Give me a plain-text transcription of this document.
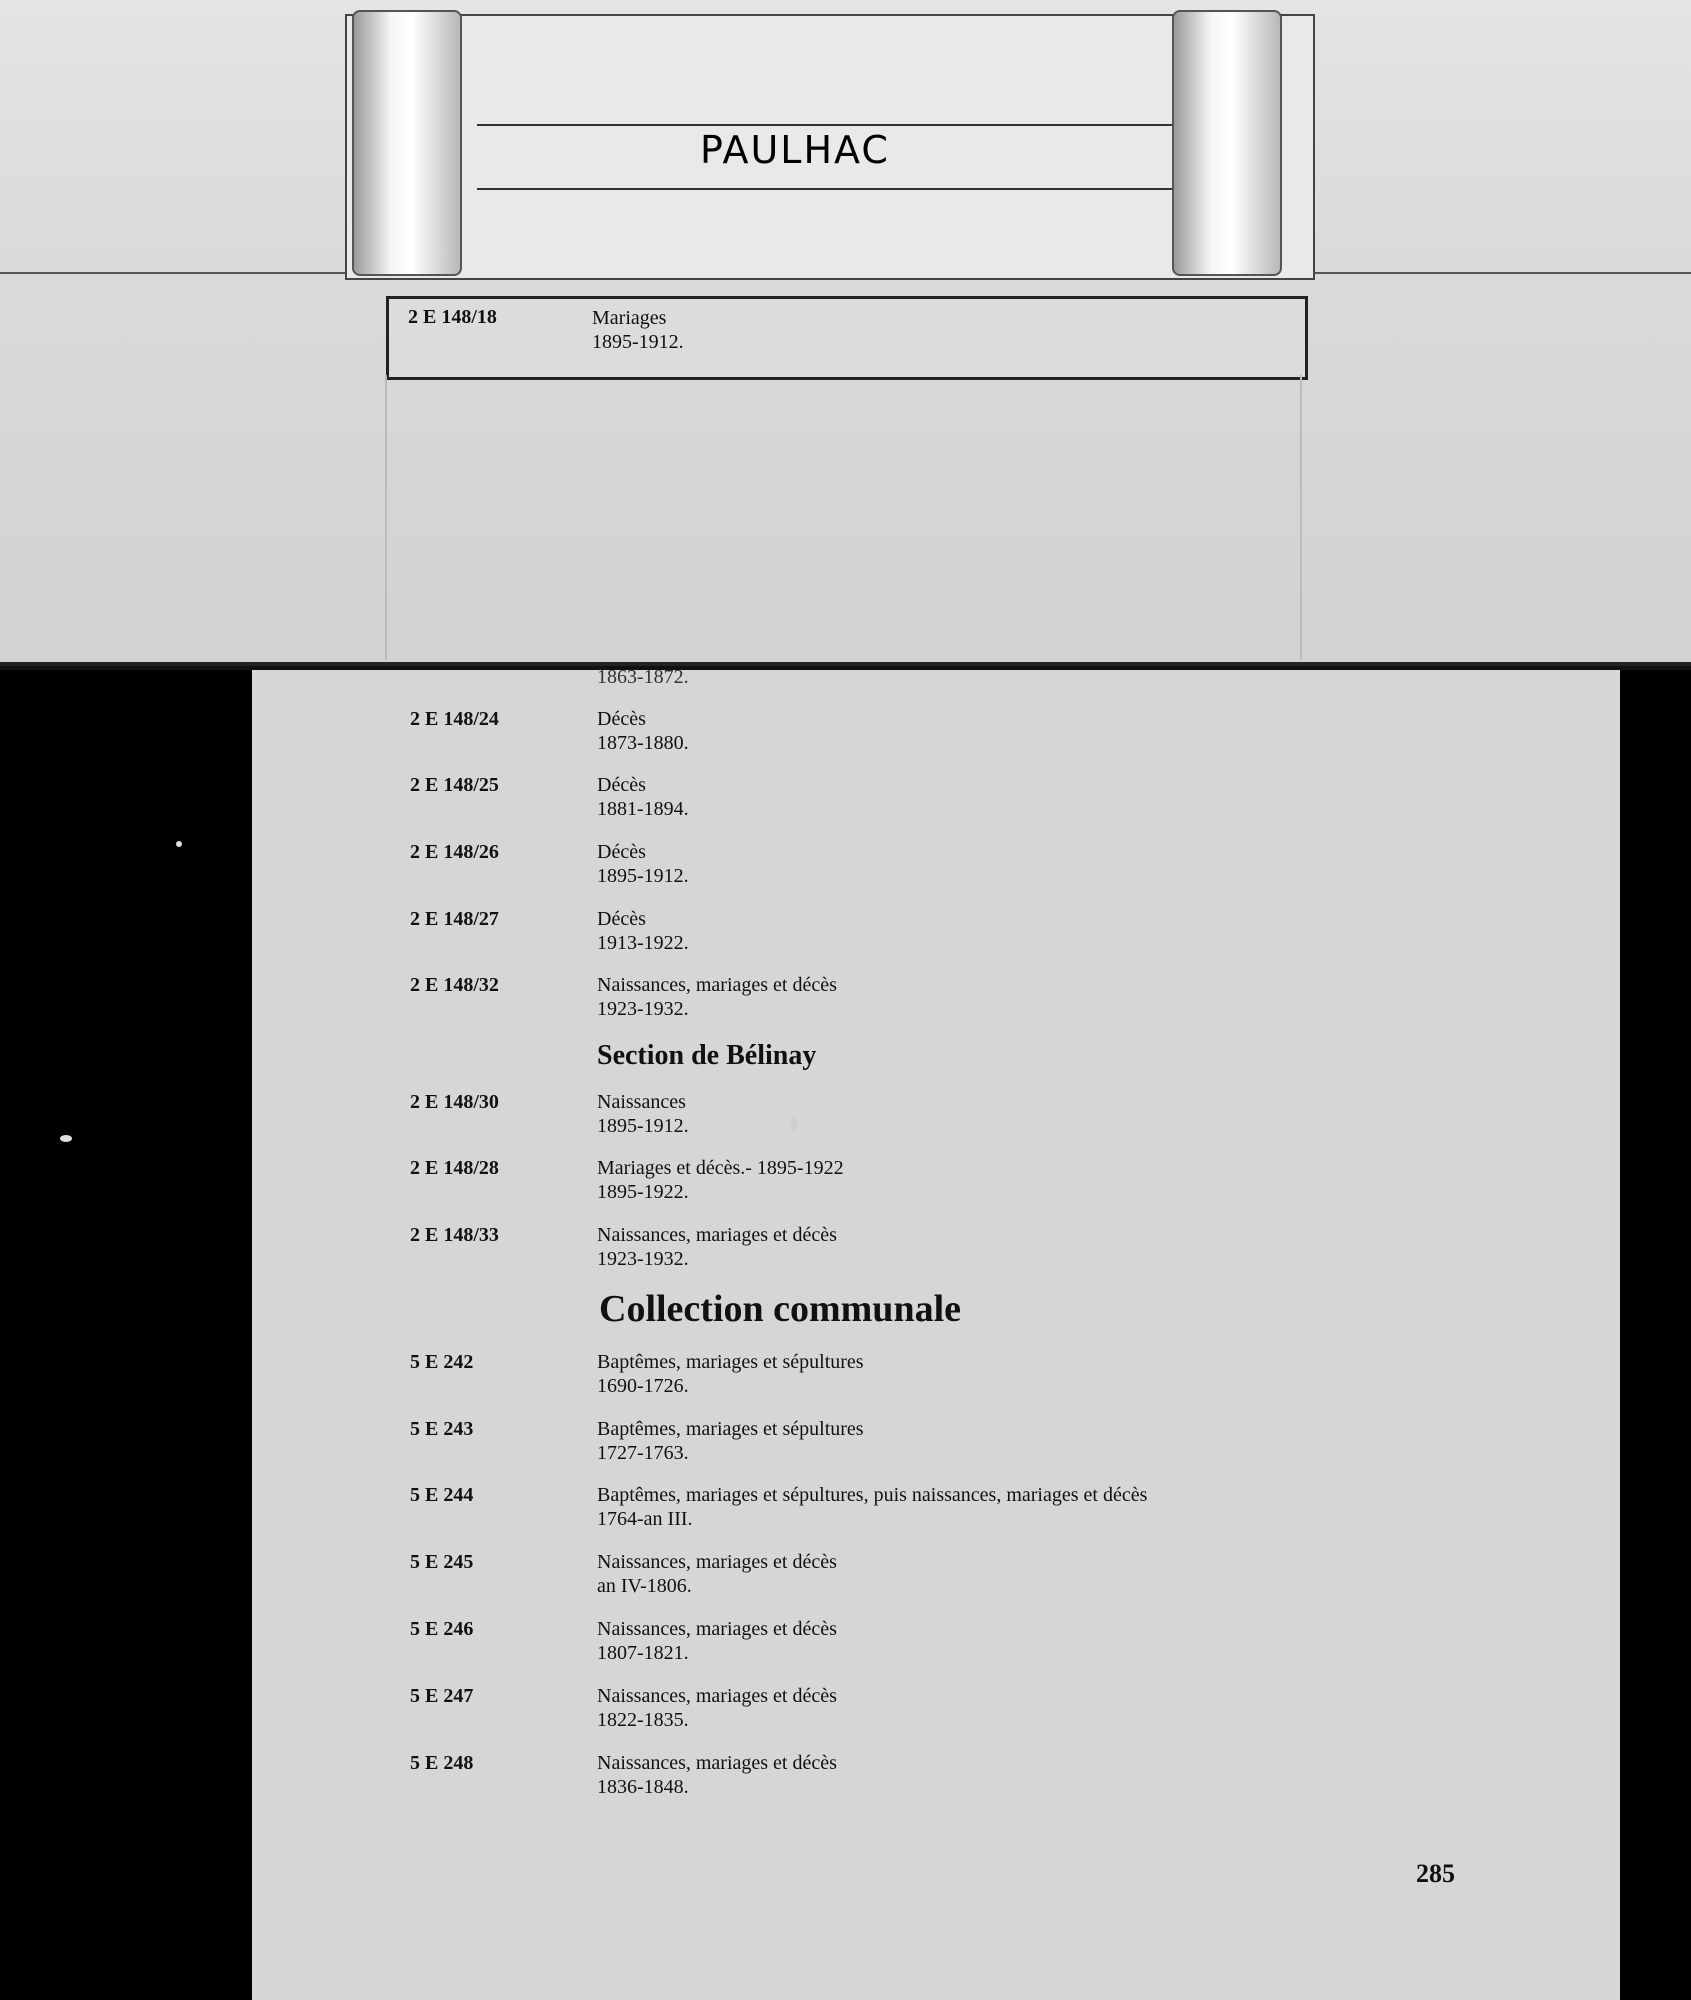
1863-1872.
2 E 148/24	Décès
1873-1880.
2 E 148/25	Décès
1881-1894.
2 E 148/26	Décès
1895-1912.
2 E 148/27	Décès
1913-1922.
2 E 148/32	Naissances, mariages et décès
1923-1932.
Section de Bélinay
2 E 148/30	Naissances
1895-1912.
2 E 148/28	Mariages et décès.- 1895-1922
1895-1922.
2 E 148/33	Naissances, mariages et décès
1923-1932.
Collection communale
5 E 242	Baptêmes, mariages et sépultures
1690-1726.
5 E 243	Baptêmes, mariages et sépultures
1727-1763.
5 E 244	Baptêmes, mariages et sépultures, puis naissances, mariages et décès
1764-an III.
5 E 245	Naissances, mariages et décès
an IV-1806.
5 E 246	Naissances, mariages et décès
1807-1821.
5 E 247	Naissances, mariages et décès
1822-1835.
5 E 248	Naissances, mariages et décès
1836-1848.
285
PAULHAC
2 E 148/18	Mariages
1895-1912.
